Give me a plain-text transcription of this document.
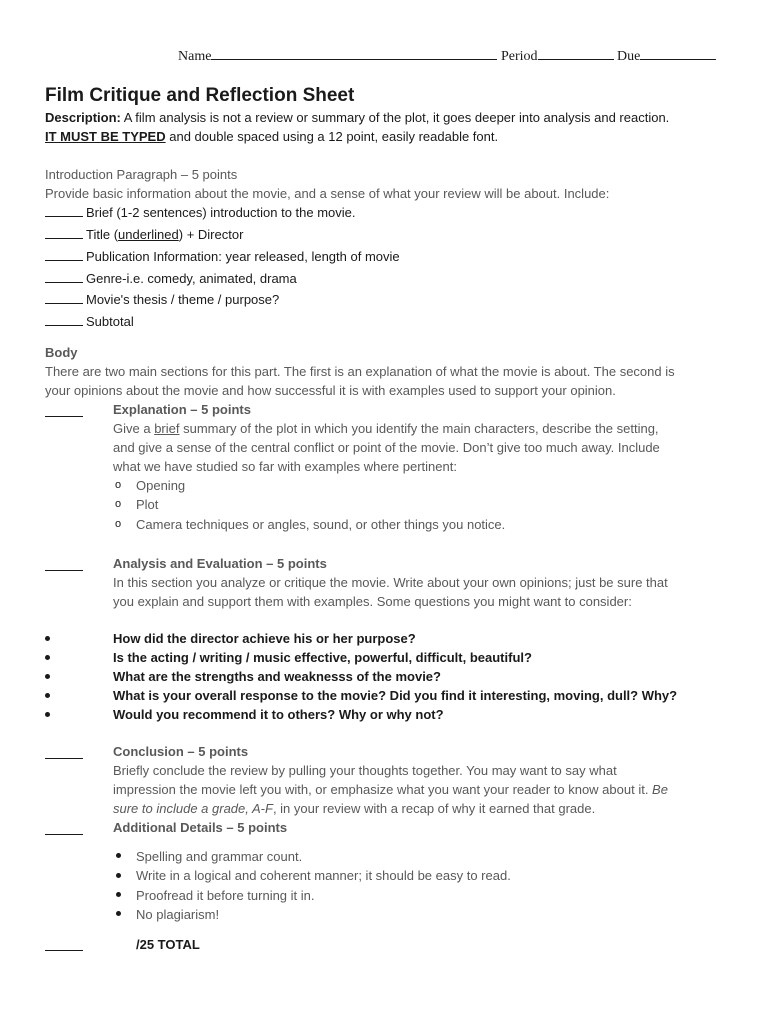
Name	Period	Due
Film Critique and Reflection Sheet
Description: A film analysis is not a review or summary of the plot, it goes deeper into analysis and reaction.
IT MUST BE TYPED and double spaced using a 12 point, easily readable font.
Introduction Paragraph – 5 points
Provide basic information about the movie, and a sense of what your review will be about. Include:
Brief (1-2 sentences) introduction to the movie.
Title (underlined) + Director
Publication Information: year released, length of movie
Genre-i.e. comedy, animated, drama
Movie's thesis / theme / purpose?
Subtotal
Body
There are two main sections for this part. The first is an explanation of what the movie is about. The second is
your opinions about the movie and how successful it is with examples used to support your opinion.
Explanation – 5 points
Give a brief summary of the plot in which you identify the main characters, describe the setting,
and give a sense of the central conflict or point of the movie. Don’t give too much away. Include
what we have studied so far with examples where pertinent:
o Opening
o Plot
o Camera techniques or angles, sound, or other things you notice.
Analysis and Evaluation – 5 points
In this section you analyze or critique the movie. Write about your own opinions; just be sure that
you explain and support them with examples. Some questions you might want to consider:
How did the director achieve his or her purpose?
Is the acting / writing / music effective, powerful, difficult, beautiful?
What are the strengths and weaknesss of the movie?
What is your overall response to the movie? Did you find it interesting, moving, dull? Why?
Would you recommend it to others? Why or why not?
Conclusion – 5 points
Briefly conclude the review by pulling your thoughts together. You may want to say what
impression the movie left you with, or emphasize what you want your reader to know about it. Be
sure to include a grade, A-F, in your review with a recap of why it earned that grade.
Additional Details – 5 points
Spelling and grammar count.
Write in a logical and coherent manner; it should be easy to read.
Proofread it before turning it in.
No plagiarism!
/25 TOTAL
